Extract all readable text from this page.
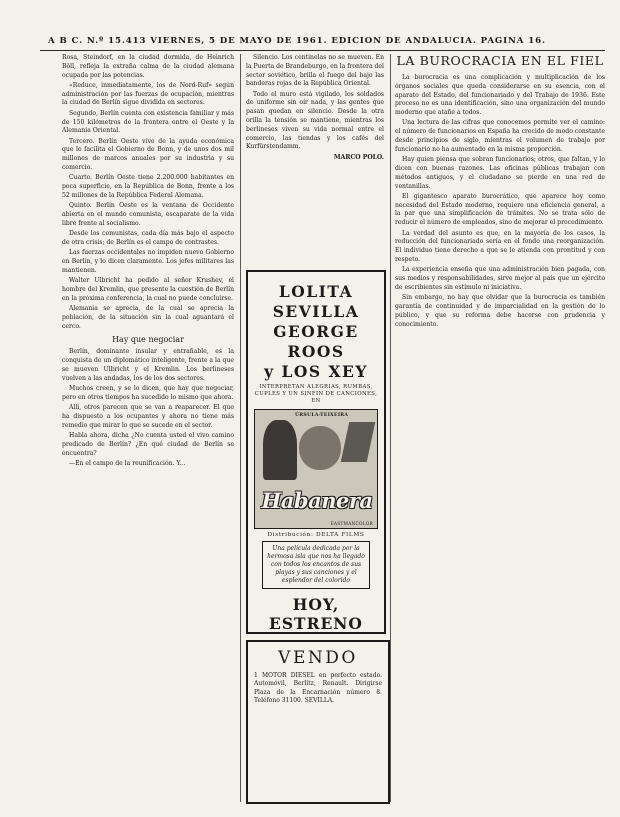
A B C. N.º 15.413 VIERNES, 5 DE MAYO DE 1961. EDICION DE ANDALUCIA. PAGINA 16.

Rosa, Steindorf, en la ciudad dormida, de Heinrich Böll, refleja la extraña calma de la ciudad alemana ocupada por las potencias.

«Reduce, inmediatamente, los de Nord-Ruf» según administración por las fuerzas de ocupación, mientras la ciudad de Berlín sigue dividida en sectores.

Segundo, Berlín cuenta con existencia familiar y más de 150 kilómetros de la frontera entre el Oeste y la Alemania Oriental.

Tercero. Berlín Oeste vive de la ayuda económica que le facilita el Gobierno de Bonn, y de unos dos mil millones de marcos anuales por su industria y su comercio.

Cuarto. Berlín Oeste tiene 2.200.000 habitantes en poca superficie, en la República de Bonn, frente a los 52 millones de la República Federal Alemana.

Quinto. Berlín Oeste es la ventana de Occidente abierta en el mundo comunista, escaparate de la vida libre frente al socialismo.

Desde los comunistas, cada día más bajo el aspecto de otra crisis; de Berlín es el campo de contrastes.

Las fuerzas occidentales no impiden nuevo Gobierno en Berlín, y lo dicen claramente. Los jefes militares las mantienen.

Walter Ulbricht ha pedido al señor Krushev, el hombre del Kremlin, que presente la cuestión de Berlín en la próxima conferencia, la cual no puede concluirse.

Alemania se aprecia, de la cual se aprecia la población, de la situación sin la cual aguantará el cerco.

Hay que negociar

Berlín, dominante insular y entrañable, es la conquista de un diplomático inteligente, frente a la que se mueven Ulbricht y el Kremlin. Los berlineses vuelven a las andadas, los de los dos sectores.

Muchos creen, y se lo dicen, que hay que negociar, pero en otros tiempos ha sucedido lo mismo que ahora.

Allí, otros parecen que se van a reaparecer. El que ha dispuesto a los ocupantes y ahora no tiene más remedio que mirar lo que se sucede en el sector.

Habla ahora, dicha ¿No cuenta usted el vivo camino predicado de Berlín? ¿En qué ciudad de Berlín se encuentra?

—En el campo de la reunificación. Y...

Silencio. Los centinelas no se mueven. En la Puerta de Brandeburgo, en la frontera del sector soviético, brilla el fuego del bajo las banderas rojas de la República Oriental.

Todo el muro está vigilado, los soldados de uniforme sin oír nada, y las gentes que pasan quedan en silencio. Desde la otra orilla la tensión se mantiene, mientras los berlineses viven su vida normal entre el comercio, las tiendas y los cafés del Kurfürstendamm.

MARCO POLO.

LOLITA SEVILLA
GEORGE ROOS
y LOS XEY
INTERPRETAN ALEGRIAS, RUMBAS, CUPLES Y UN SINFIN DE CANCIONES, EN
ÚRSULA-TEIXEIRA
Habanera
EASTMANCOLOR
Distribución: DELTA FILMS
Una película dedicada por la hermosa isla que nos ha llegado con todos los encantos de sus playas y sus canciones y el esplendor del colorido
HOY, ESTRENO
VENDO
1 MOTOR DIESEL en perfecto estado. Automóvil, Berlitz, Renault. Dirigirse Plaza de la Encarnación número 8. Teléfono 31100. SEVILLA.
LA BUROCRACIA EN EL FIEL

La burocracia es una complicación y multiplicación de los órganos sociales que queda considerarse en su esencia, con el aparato del Estado, del funcionariado y del Trabajo de 1936. Este proceso no es una identificación, sino una organización del mundo moderno que atañe a todos.

Una lectura de las cifras que conocemos permite ver el camino: el número de funcionarios en España ha crecido de modo constante desde principios de siglo, mientras el volumen de trabajo por funcionario no ha aumentado en la misma proporción.

Hay quien piensa que sobran funcionarios; otros, que faltan, y lo dicen con buenas razones. Las oficinas públicas trabajan con métodos antiguos, y el ciudadano se pierde en una red de ventanillas.

El gigantesco aparato burocrático, que aparece hoy como necesidad del Estado moderno, requiere una eficiencia general, a la par que una simplificación de trámites. No se trata sólo de reducir el número de empleados, sino de mejorar el procedimiento.

La verdad del asunto es que, en la mayoría de los casos, la reducción del funcionariado sería en el fondo una reorganización. El individuo tiene derecho a que se le atienda con prontitud y con respeto.

La experiencia enseña que una administración bien pagada, con sus medios y responsabilidades, sirve mejor al país que un ejército de escribientes sin estímulo ni iniciativa.

Sin embargo, no hay que olvidar que la burocracia es también garantía de continuidad y de imparcialidad en la gestión de lo público, y que su reforma debe hacerse con prudencia y conocimiento.
